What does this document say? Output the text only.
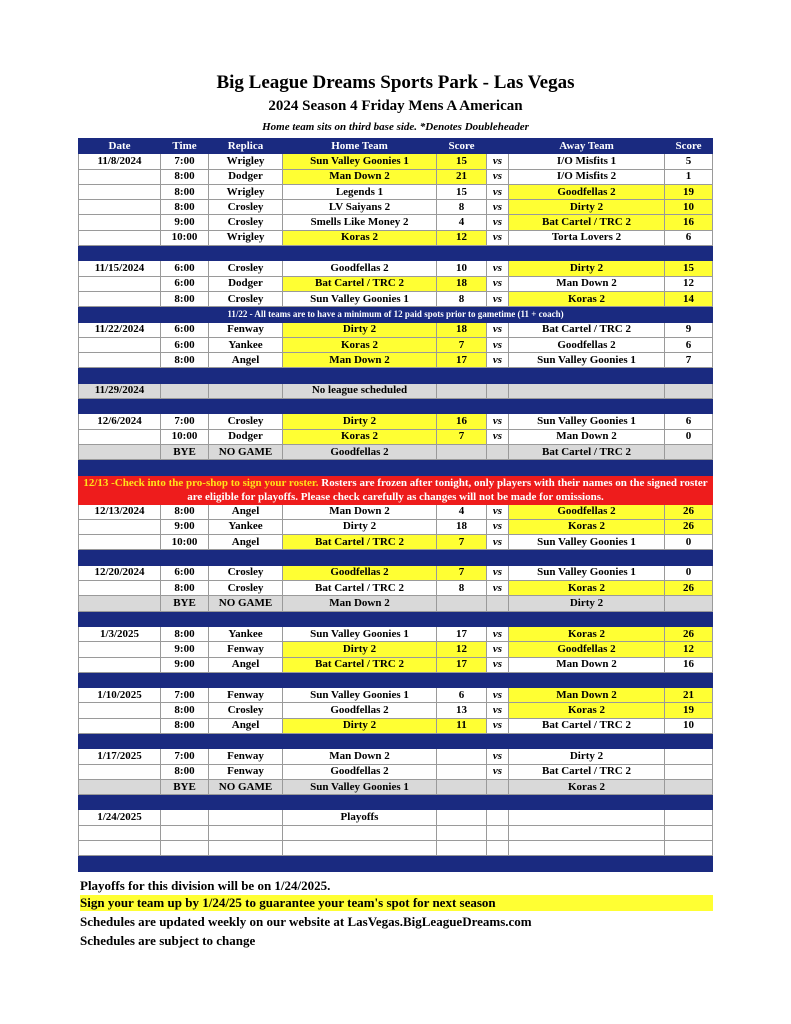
Big League Dreams Sports Park - Las Vegas
2024 Season 4 Friday Mens A American
Home team sits on third base side. *Denotes Doubleheader
Date	Time	Replica	Home Team	Score		Away Team	Score
11/8/2024	7:00	Wrigley	Sun Valley Goonies 1	15	vs	I/O Misfits 1	5
	8:00	Dodger	Man Down 2	21	vs	I/O Misfits 2	1
	8:00	Wrigley	Legends 1	15	vs	Goodfellas 2	19
	8:00	Crosley	LV Saiyans 2	8	vs	Dirty 2	10
	9:00	Crosley	Smells Like Money 2	4	vs	Bat Cartel / TRC 2	16
	10:00	Wrigley	Koras 2	12	vs	Torta Lovers 2	6

11/15/2024	6:00	Crosley	Goodfellas 2	10	vs	Dirty 2	15
	6:00	Dodger	Bat Cartel / TRC 2	18	vs	Man Down 2	12
	8:00	Crosley	Sun Valley Goonies 1	8	vs	Koras 2	14
11/22 - All teams are to have a minimum of 12 paid spots prior to gametime (11 + coach)							
11/22/2024	6:00	Fenway	Dirty 2	18	vs	Bat Cartel / TRC 2	9
	6:00	Yankee	Koras 2	7	vs	Goodfellas 2	6
	8:00	Angel	Man Down 2	17	vs	Sun Valley Goonies 1	7

11/29/2024			No league scheduled				

12/6/2024	7:00	Crosley	Dirty 2	16	vs	Sun Valley Goonies 1	6
	10:00	Dodger	Koras 2	7	vs	Man Down 2	0
	BYE	NO GAME	Goodfellas 2			Bat Cartel / TRC 2	

12/13 -Check into the pro-shop to sign your roster. Rosters are frozen after tonight, only players with their names on the signed roster are eligible for playoffs. Please check carefully as changes will not be made for omissions.							
12/13/2024	8:00	Angel	Man Down 2	4	vs	Goodfellas 2	26
	9:00	Yankee	Dirty 2	18	vs	Koras 2	26
	10:00	Angel	Bat Cartel / TRC 2	7	vs	Sun Valley Goonies 1	0

12/20/2024	6:00	Crosley	Goodfellas 2	7	vs	Sun Valley Goonies 1	0
	8:00	Crosley	Bat Cartel / TRC 2	8	vs	Koras 2	26
	BYE	NO GAME	Man Down 2			Dirty 2	

1/3/2025	8:00	Yankee	Sun Valley Goonies 1	17	vs	Koras 2	26
	9:00	Fenway	Dirty 2	12	vs	Goodfellas 2	12
	9:00	Angel	Bat Cartel / TRC 2	17	vs	Man Down 2	16

1/10/2025	7:00	Fenway	Sun Valley Goonies 1	6	vs	Man Down 2	21
	8:00	Crosley	Goodfellas 2	13	vs	Koras 2	19
	8:00	Angel	Dirty 2	11	vs	Bat Cartel / TRC 2	10

1/17/2025	7:00	Fenway	Man Down 2		vs	Dirty 2	
	8:00	Fenway	Goodfellas 2		vs	Bat Cartel / TRC 2	
	BYE	NO GAME	Sun Valley Goonies 1			Koras 2	

1/24/2025			Playoffs				

Playoffs for this division will be on 1/24/2025.
Sign your team up by 1/24/25 to guarantee your team's spot for next season
Schedules are updated weekly on our website at LasVegas.BigLeagueDreams.com
Schedules are subject to change
